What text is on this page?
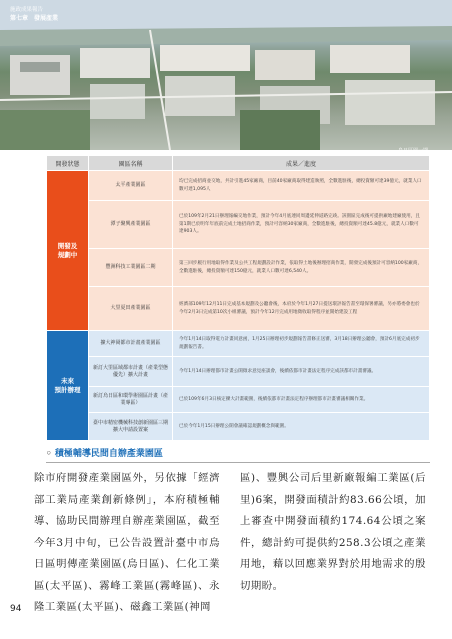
施政成果報告
第七章　發展產業
鳥日區園一期
開發狀態	園區名稱	成果／進度
開發及
規劃中	太平產業園區	均已完成招商並交地，共計引進45家廠商，目前40家廠商取得建造執照，全數進駐後，總投資額可達39億元，就業人口數可達1,095人
	潭子聚興產業園區	已於109年2月21日辦理報編交地作業，預計今年4月底連同周邊延伸道路完竣。該園區完成後可提供廠地建廠使用，且第1期已於明年年底前完成土地招商作業，預計可容納30家廠商，全數進駐後，總投資額可達45.8億元，就業人口數可達903人。
	豐洲科技工業園區二期	第三回步履行用地取得作業及公共工程規劃設計作業，依取得土地後辦理招商作業，開發完成後預計可容納100家廠商，全數進駐後，總投資額可達150億元，就業人口數可達6,540人。
	大里夏田產業園區	經濟部109年12月11日完成基本規劃及公聽會後，本府於今年1月27日提送環評報告書至環保署審議，另亦將委會也於今年2月3日完成第10次小組審議，預計今年12月完成用地徵收取得程序並開始建設工程
未來
預計辦理	擴大神岡都市計畫產業園區	今年1月14日取得電力計畫同意函，1月25日辦理初步規劃報告書修正送審，3月18日辦理公聽會，預計6月底完成初步規劃報告書。
	新訂大里區域都市計畫（產業型態優先）擴大計畫	今年1月14日辦理都市計畫公開徵求意見座談會，後續依都市計畫法定程序完成該都市計畫審議。
	新訂烏日區和環學術園區計畫（產業專區）	已於109年6月3日核定擴大計畫範圍，後續依都市計畫法定程序辦理都市計畫審議相關作業。
	臺中市精密機械科技創新園區三期擴大申請設置案	已於今年1月15日辦理公開會議確認規劃概念與範圍。
◦ 積極輔導民間自辦產業園區
除市府開發產業園區外，另依據「經濟部工業局產業創新條例」，本府積極輔導、協助民間辦理自辦產業園區，截至今年3月中旬，已公告設置計臺中市烏日區明傳產業園區(烏日區)、仁化工業區(太平區)、霧峰工業區(霧峰區)、永隆工業區(太平區)、磁鑫工業區(神岡
區)、豐興公司后里新廠報編工業區(后里)6案，開發面積計約83.66公頃，加上審查中開發面積約174.64公頃之案件，總計約可提供約258.3公頃之產業用地，藉以回應業界對於用地需求的殷切期盼。
94
